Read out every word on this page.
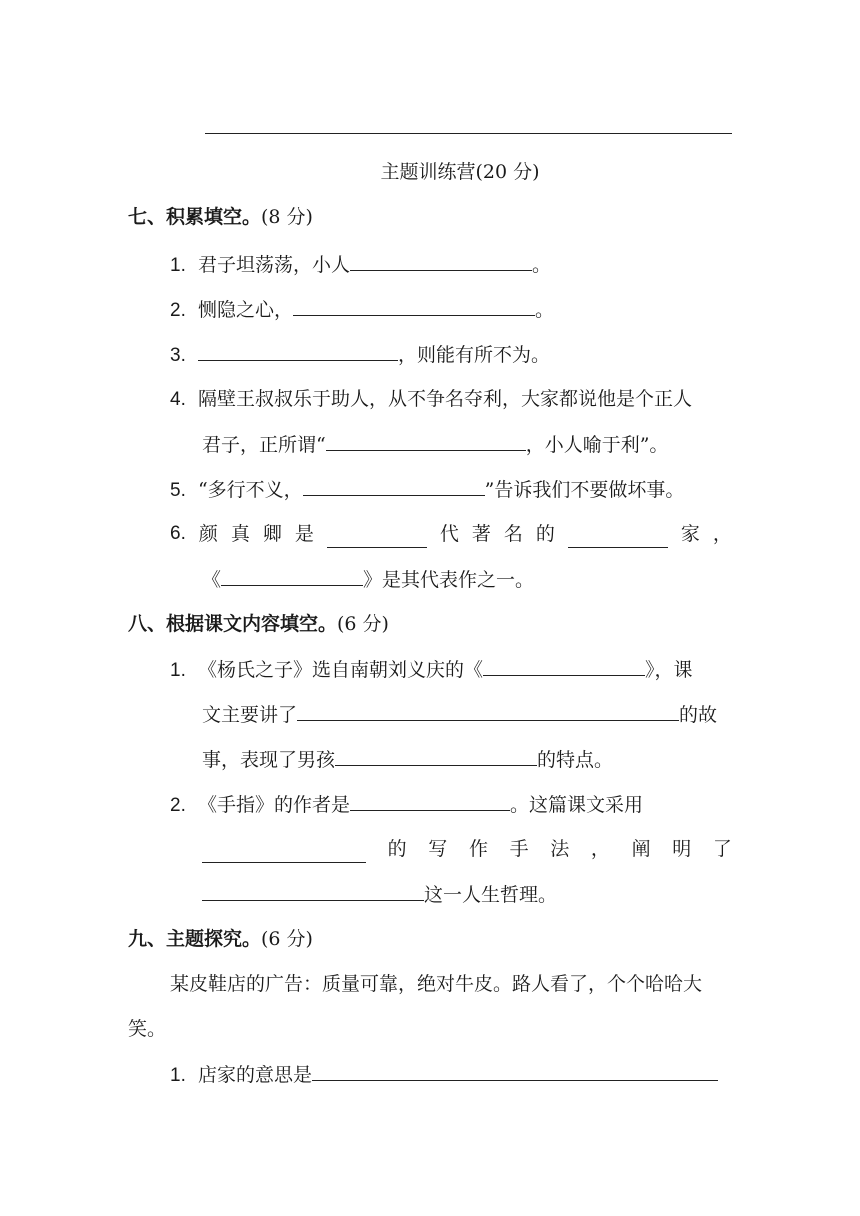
主题训练营(20 分)
七、积累填空。(8 分)
1. 君子坦荡荡，小人	。
2. 恻隐之心，	。
3.	，则能有所不为。
4. 隔壁王叔叔乐于助人，从不争名夺利，大家都说他是个正人
君子，正所谓“	，小人喻于利”。
5. “多行不义，	”告诉我们不要做坏事。
6. 颜 真 卿 是	代 著 名 的	家 ，
《	》是其代表作之一。
八、根据课文内容填空。(6 分)
1. 《杨氏之子》选自南朝刘义庆的《	》，课
文主要讲了	的故
事，表现了男孩	的特点。
2. 《手指》的作者是	。这篇课文采用
的 写 作 手 法 ， 阐 明 了
这一人生哲理。
九、主题探究。(6 分)
某皮鞋店的广告：质量可靠，绝对牛皮。路人看了，个个哈哈大
笑。
1. 店家的意思是
